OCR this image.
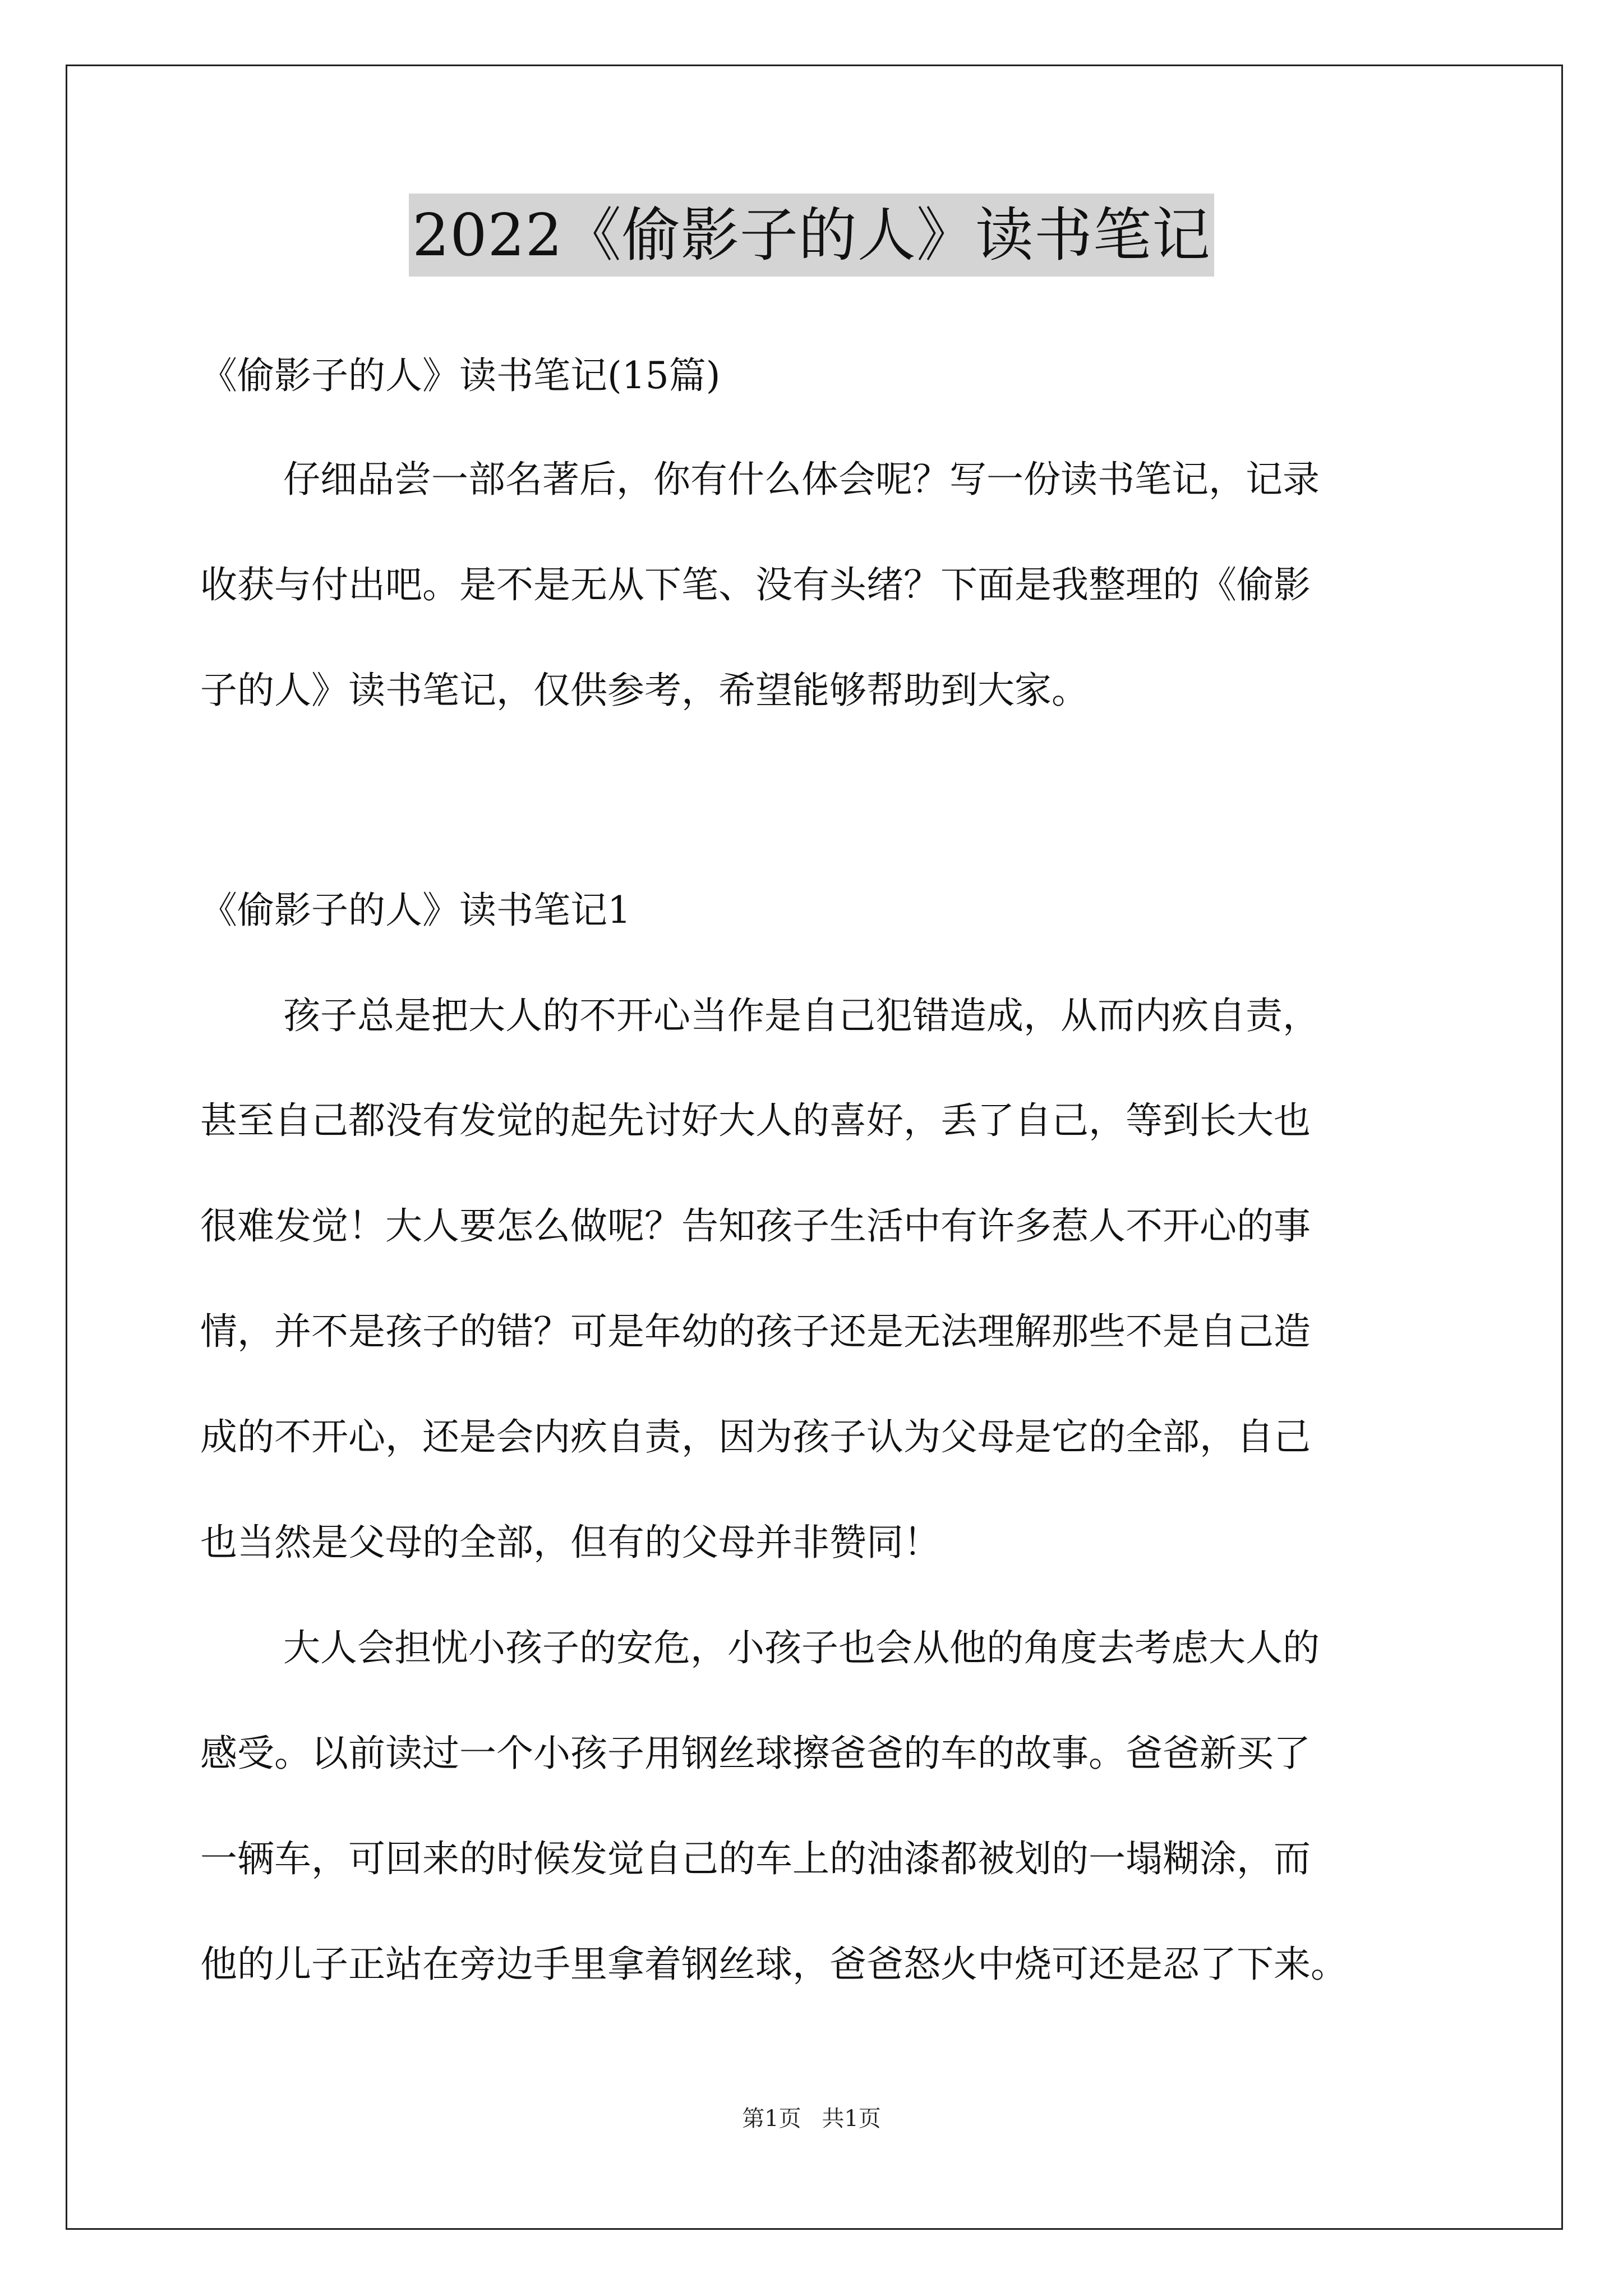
2022《偷影子的人》读书笔记
《偷影子的人》读书笔记(15篇)
仔细品尝一部名著后，你有什么体会呢？写一份读书笔记，记录
收获与付出吧。是不是无从下笔、没有头绪？下面是我整理的《偷影
子的人》读书笔记，仅供参考，希望能够帮助到大家。
《偷影子的人》读书笔记1
孩子总是把大人的不开心当作是自己犯错造成，从而内疚自责，
甚至自己都没有发觉的起先讨好大人的喜好，丢了自己，等到长大也
很难发觉！大人要怎么做呢？告知孩子生活中有许多惹人不开心的事
情，并不是孩子的错？可是年幼的孩子还是无法理解那些不是自己造
成的不开心，还是会内疚自责，因为孩子认为父母是它的全部，自己
也当然是父母的全部，但有的父母并非赞同！
大人会担忧小孩子的安危，小孩子也会从他的角度去考虑大人的
感受。以前读过一个小孩子用钢丝球擦爸爸的车的故事。爸爸新买了
一辆车，可回来的时候发觉自己的车上的油漆都被划的一塌糊涂，而
他的儿子正站在旁边手里拿着钢丝球，爸爸怒火中烧可还是忍了下来。
第1页 共1页
